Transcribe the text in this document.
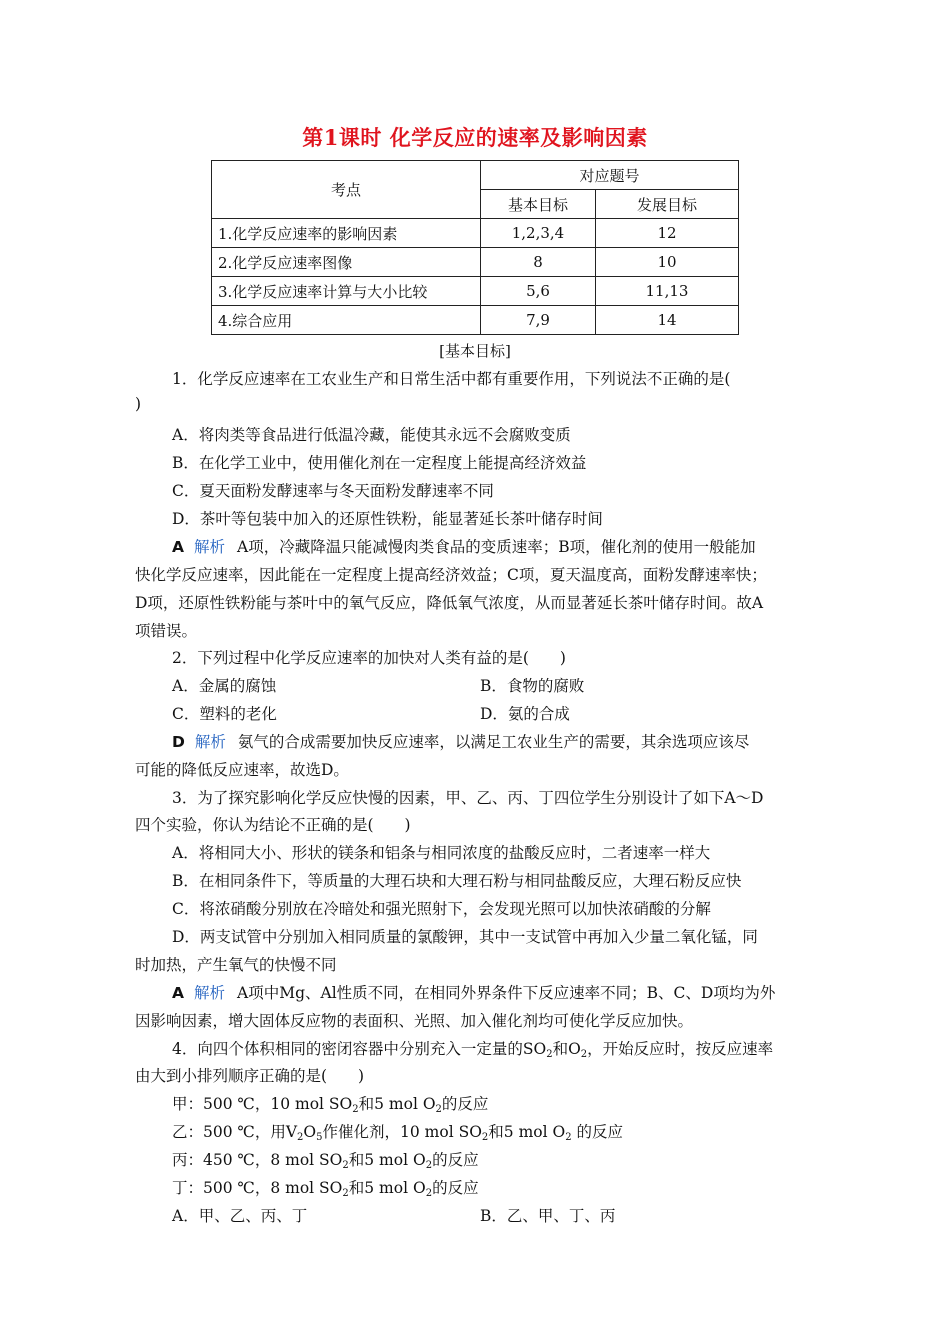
第1课时 化学反应的速率及影响因素
考点	对应题号	
	基本目标	发展目标
1.化学反应速率的影响因素	1,2,3,4	12
2.化学反应速率图像	8	10
3.化学反应速率计算与大小比较	5,6	11,13
4.综合应用	7,9	14
[基本目标]
1．化学反应速率在工农业生产和日常生活中都有重要作用，下列说法不正确的是(
)
A．将肉类等食品进行低温冷藏，能使其永远不会腐败变质
B．在化学工业中，使用催化剂在一定程度上能提高经济效益
C．夏天面粉发酵速率与冬天面粉发酵速率不同
D．茶叶等包装中加入的还原性铁粉，能显著延长茶叶储存时间
A 解析 A项，冷藏降温只能减慢肉类食品的变质速率；B项，催化剂的使用一般能加
快化学反应速率，因此能在一定程度上提高经济效益；C项，夏天温度高，面粉发酵速率快；
D项，还原性铁粉能与茶叶中的氧气反应，降低氧气浓度，从而显著延长茶叶储存时间。故A
项错误。
2．下列过程中化学反应速率的加快对人类有益的是(　　)
A．金属的腐蚀	B．食物的腐败
C．塑料的老化	D．氨的合成
D 解析 氨气的合成需要加快反应速率，以满足工农业生产的需要，其余选项应该尽
可能的降低反应速率，故选D。
3．为了探究影响化学反应快慢的因素，甲、乙、丙、丁四位学生分别设计了如下A～D
四个实验，你认为结论不正确的是(　　)
A．将相同大小、形状的镁条和铝条与相同浓度的盐酸反应时，二者速率一样大
B．在相同条件下，等质量的大理石块和大理石粉与相同盐酸反应，大理石粉反应快
C．将浓硝酸分别放在冷暗处和强光照射下，会发现光照可以加快浓硝酸的分解
D．两支试管中分别加入相同质量的氯酸钾，其中一支试管中再加入少量二氧化锰，同
时加热，产生氧气的快慢不同
A 解析 A项中Mg、Al性质不同，在相同外界条件下反应速率不同；B、C、D项均为外
因影响因素，增大固体反应物的表面积、光照、加入催化剂均可使化学反应加快。
4．向四个体积相同的密闭容器中分别充入一定量的$SO_2$和$O_2$，开始反应时，按反应速率
由大到小排列顺序正确的是(　　)
甲：500 ℃，10 mol $SO_2$和5 mol $O_2$的反应
乙：500 ℃，用$V_2O_5$作催化剂，10 mol $SO_2$和5 mol $O_2$ 的反应
丙：450 ℃，8 mol $SO_2$和5 mol $O_2$的反应
丁：500 ℃，8 mol $SO_2$和5 mol $O_2$的反应
A．甲、乙、丙、丁	B．乙、甲、丁、丙
